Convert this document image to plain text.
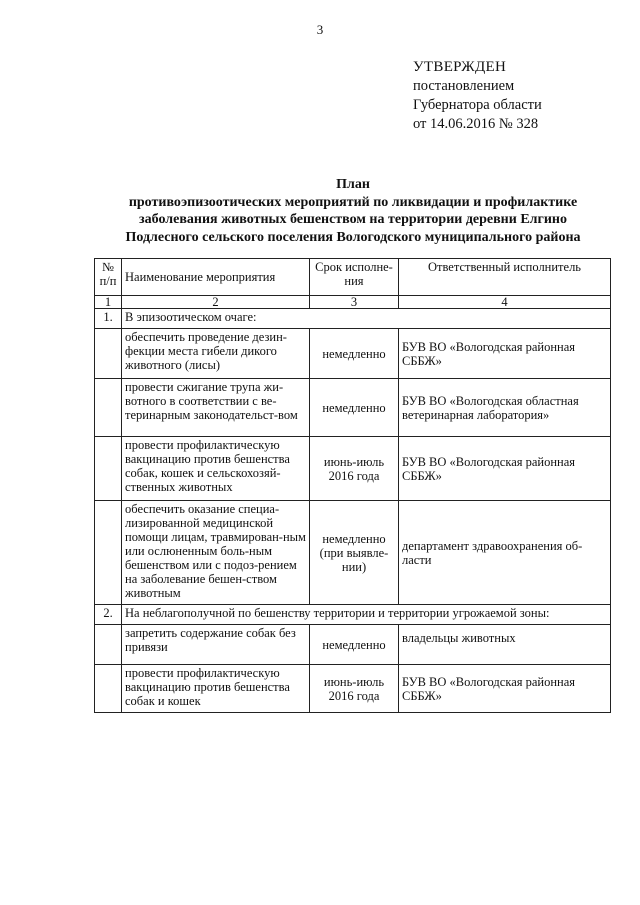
3
УТВЕРЖДЕН
постановлением
Губернатора области
от 14.06.2016 № 328
План
противоэпизоотических мероприятий по ликвидации и профилактике
заболевания животных бешенством на территории деревни Елгино
Подлесного сельского поселения Вологодского муниципального района
№ п/п	Наименование мероприятия	Срок исполне-ния	Ответственный исполнитель
1	2	3	4
1.	В эпизоотическом очаге:		
	обеспечить проведение дезин-фекции места гибели дикого животного (лисы)	немедленно	БУВ ВО «Вологодская районная СББЖ»
	провести сжигание трупа жи-вотного в соответствии с ве-теринарным законодательст-вом	немедленно	БУВ ВО «Вологодская областная ветеринарная лаборатория»
	провести профилактическую вакцинацию против бешенства собак, кошек и сельскохозяй-ственных животных	июнь-июль 2016 года	БУВ ВО «Вологодская районная СББЖ»
	обеспечить оказание специа-лизированной медицинской помощи лицам, травмирован-ным или ослюненным боль-ным бешенством или с подоз-рением на заболевание бешен-ством животным	немедленно (при выявле-нии)	департамент здравоохранения об-ласти
2.	На неблагополучной по бешенству территории и территории угрожаемой зоны:		
	запретить содержание собак без привязи	немедленно	владельцы животных
	провести профилактическую вакцинацию против бешенства собак и кошек	июнь-июль 2016 года	БУВ ВО «Вологодская районная СББЖ»
